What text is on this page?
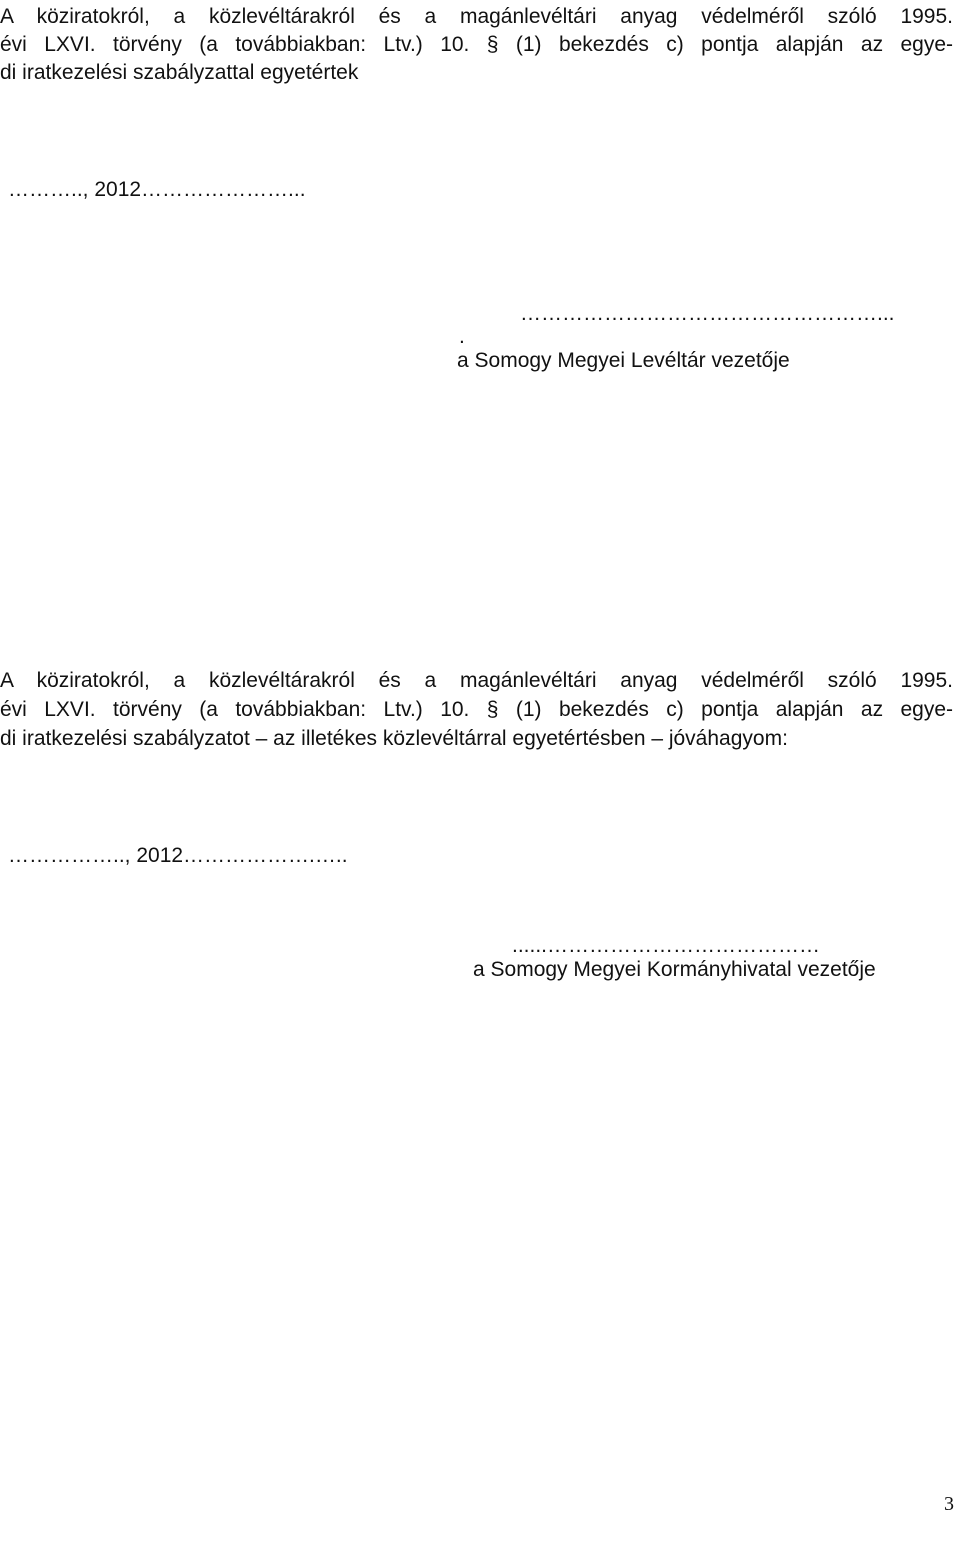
A köziratokról, a közlevéltárakról és a magánlevéltári anyag védelméről szóló 1995.
évi LXVI. törvény (a továbbiakban: Ltv.) 10. § (1) bekezdés c) pontja alapján az egye-
di iratkezelési szabályzattal egyetértek
……….., 2012…………………...
.
……………………………………………...
a Somogy Megyei Levéltár vezetője
A köziratokról, a közlevéltárakról és a magánlevéltári anyag védelméről szóló 1995.
évi LXVI. törvény (a továbbiakban: Ltv.) 10. § (1) bekezdés c) pontja alapján az egye-
di iratkezelési szabályzatot – az illetékes közlevéltárral egyetértésben – jóváhagyom:
…………….., 2012……………….…..
......…………………………………
a Somogy Megyei Kormányhivatal vezetője
3
